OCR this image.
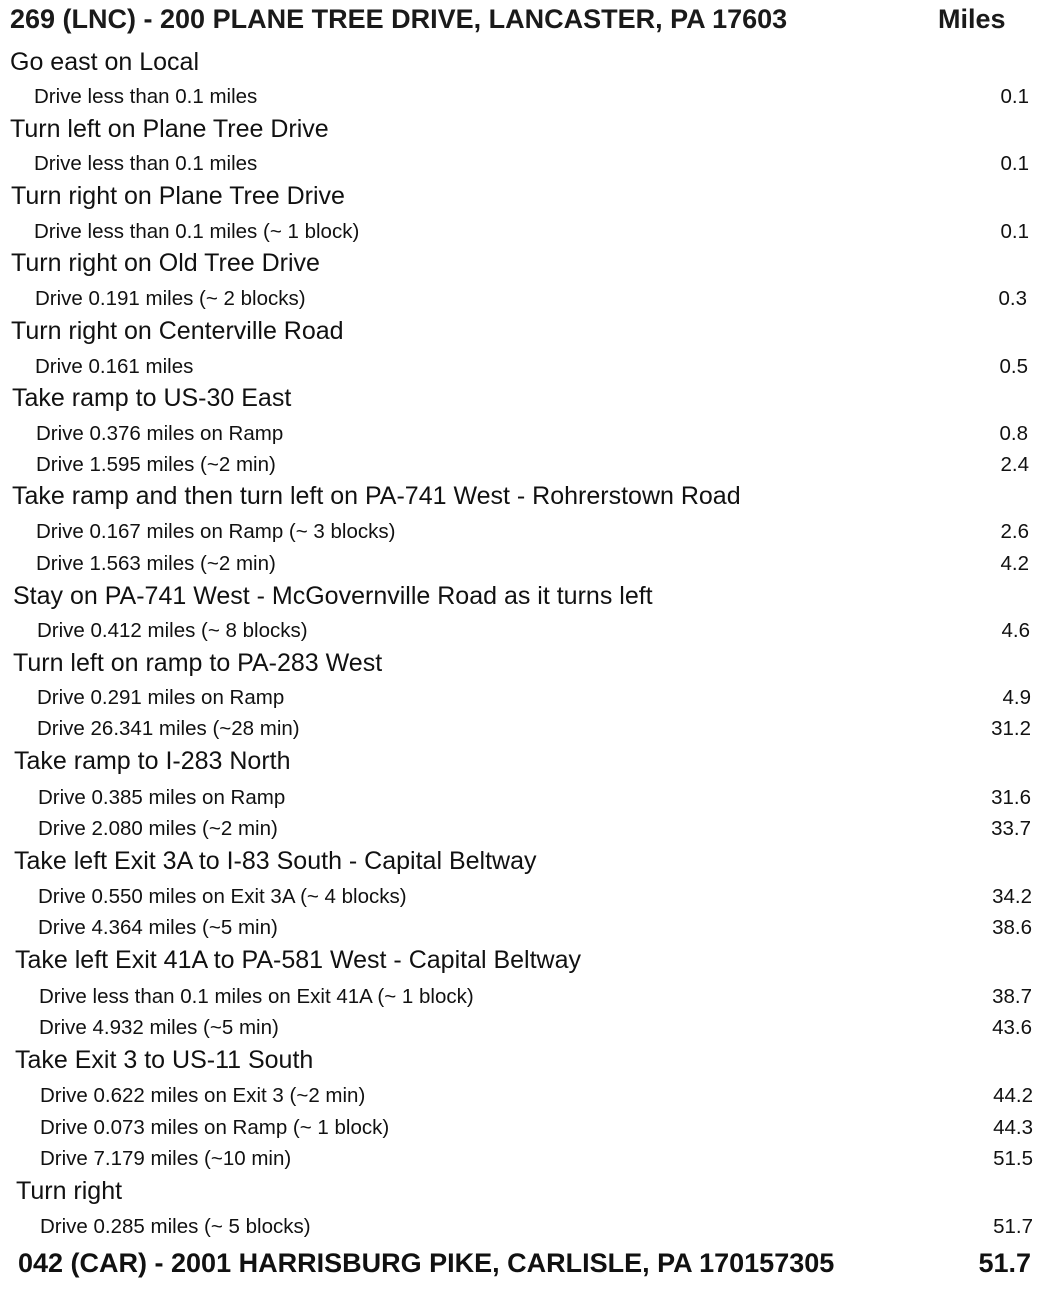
269 (LNC) - 200 PLANE TREE DRIVE, LANCASTER, PA 17603	Miles
Go east on Local
Drive less than 0.1 miles	0.1
Turn left on Plane Tree Drive
Drive less than 0.1 miles	0.1
Turn right on Plane Tree Drive
Drive less than 0.1 miles (~ 1 block)	0.1
Turn right on Old Tree Drive
Drive 0.191 miles (~ 2 blocks)	0.3
Turn right on Centerville Road
Drive 0.161 miles	0.5
Take ramp to US-30 East
Drive 0.376 miles on Ramp	0.8
Drive 1.595 miles (~2 min)	2.4
Take ramp and then turn left on PA-741 West - Rohrerstown Road
Drive 0.167 miles on Ramp (~ 3 blocks)	2.6
Drive 1.563 miles (~2 min)	4.2
Stay on PA-741 West - McGovernville Road as it turns left
Drive 0.412 miles (~ 8 blocks)	4.6
Turn left on ramp to PA-283 West
Drive 0.291 miles on Ramp	4.9
Drive 26.341 miles (~28 min)	31.2
Take ramp to I-283 North
Drive 0.385 miles on Ramp	31.6
Drive 2.080 miles (~2 min)	33.7
Take left Exit 3A to I-83 South - Capital Beltway
Drive 0.550 miles on Exit 3A (~ 4 blocks)	34.2
Drive 4.364 miles (~5 min)	38.6
Take left Exit 41A to PA-581 West - Capital Beltway
Drive less than 0.1 miles on Exit 41A (~ 1 block)	38.7
Drive 4.932 miles (~5 min)	43.6
Take Exit 3 to US-11 South
Drive 0.622 miles on Exit 3 (~2 min)	44.2
Drive 0.073 miles on Ramp (~ 1 block)	44.3
Drive 7.179 miles (~10 min)	51.5
Turn right
Drive 0.285 miles (~ 5 blocks)	51.7
042 (CAR) - 2001 HARRISBURG PIKE, CARLISLE, PA 170157305	51.7
